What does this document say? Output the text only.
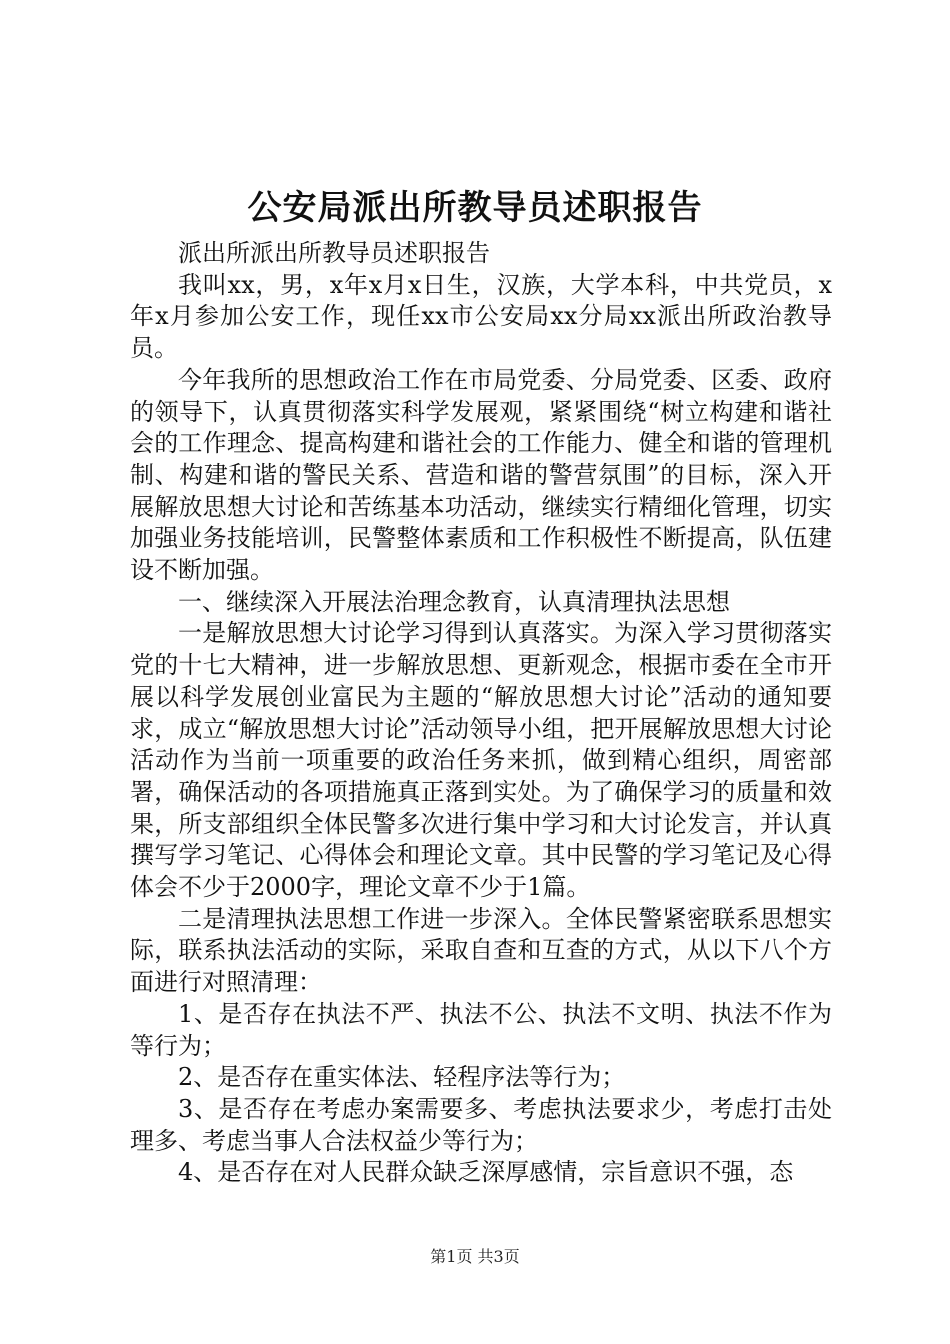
公安局派出所教导员述职报告

派出所派出所教导员述职报告

我叫xx，男，x年x月x日生，汉族，大学本科，中共党员，x年x月参加公安工作，现任xx市公安局xx分局xx派出所政治教导员。

今年我所的思想政治工作在市局党委、分局党委、区委、政府的领导下，认真贯彻落实科学发展观，紧紧围绕“树立构建和谐社会的工作理念、提高构建和谐社会的工作能力、健全和谐的管理机制、构建和谐的警民关系、营造和谐的警营氛围”的目标，深入开展解放思想大讨论和苦练基本功活动，继续实行精细化管理，切实加强业务技能培训，民警整体素质和工作积极性不断提高，队伍建设不断加强。

一、继续深入开展法治理念教育，认真清理执法思想

一是解放思想大讨论学习得到认真落实。为深入学习贯彻落实党的十七大精神，进一步解放思想、更新观念，根据市委在全市开展以科学发展创业富民为主题的“解放思想大讨论”活动的通知要求，成立“解放思想大讨论”活动领导小组，把开展解放思想大讨论活动作为当前一项重要的政治任务来抓，做到精心组织，周密部署，确保活动的各项措施真正落到实处。为了确保学习的质量和效果，所支部组织全体民警多次进行集中学习和大讨论发言，并认真撰写学习笔记、心得体会和理论文章。其中民警的学习笔记及心得体会不少于2000字，理论文章不少于1篇。

二是清理执法思想工作进一步深入。全体民警紧密联系思想实际，联系执法活动的实际，采取自查和互查的方式，从以下八个方面进行对照清理：

1、是否存在执法不严、执法不公、执法不文明、执法不作为等行为；

2、是否存在重实体法、轻程序法等行为；

3、是否存在考虑办案需要多、考虑执法要求少，考虑打击处理多、考虑当事人合法权益少等行为；

4、是否存在对人民群众缺乏深厚感情，宗旨意识不强，态

第1页 共3页
